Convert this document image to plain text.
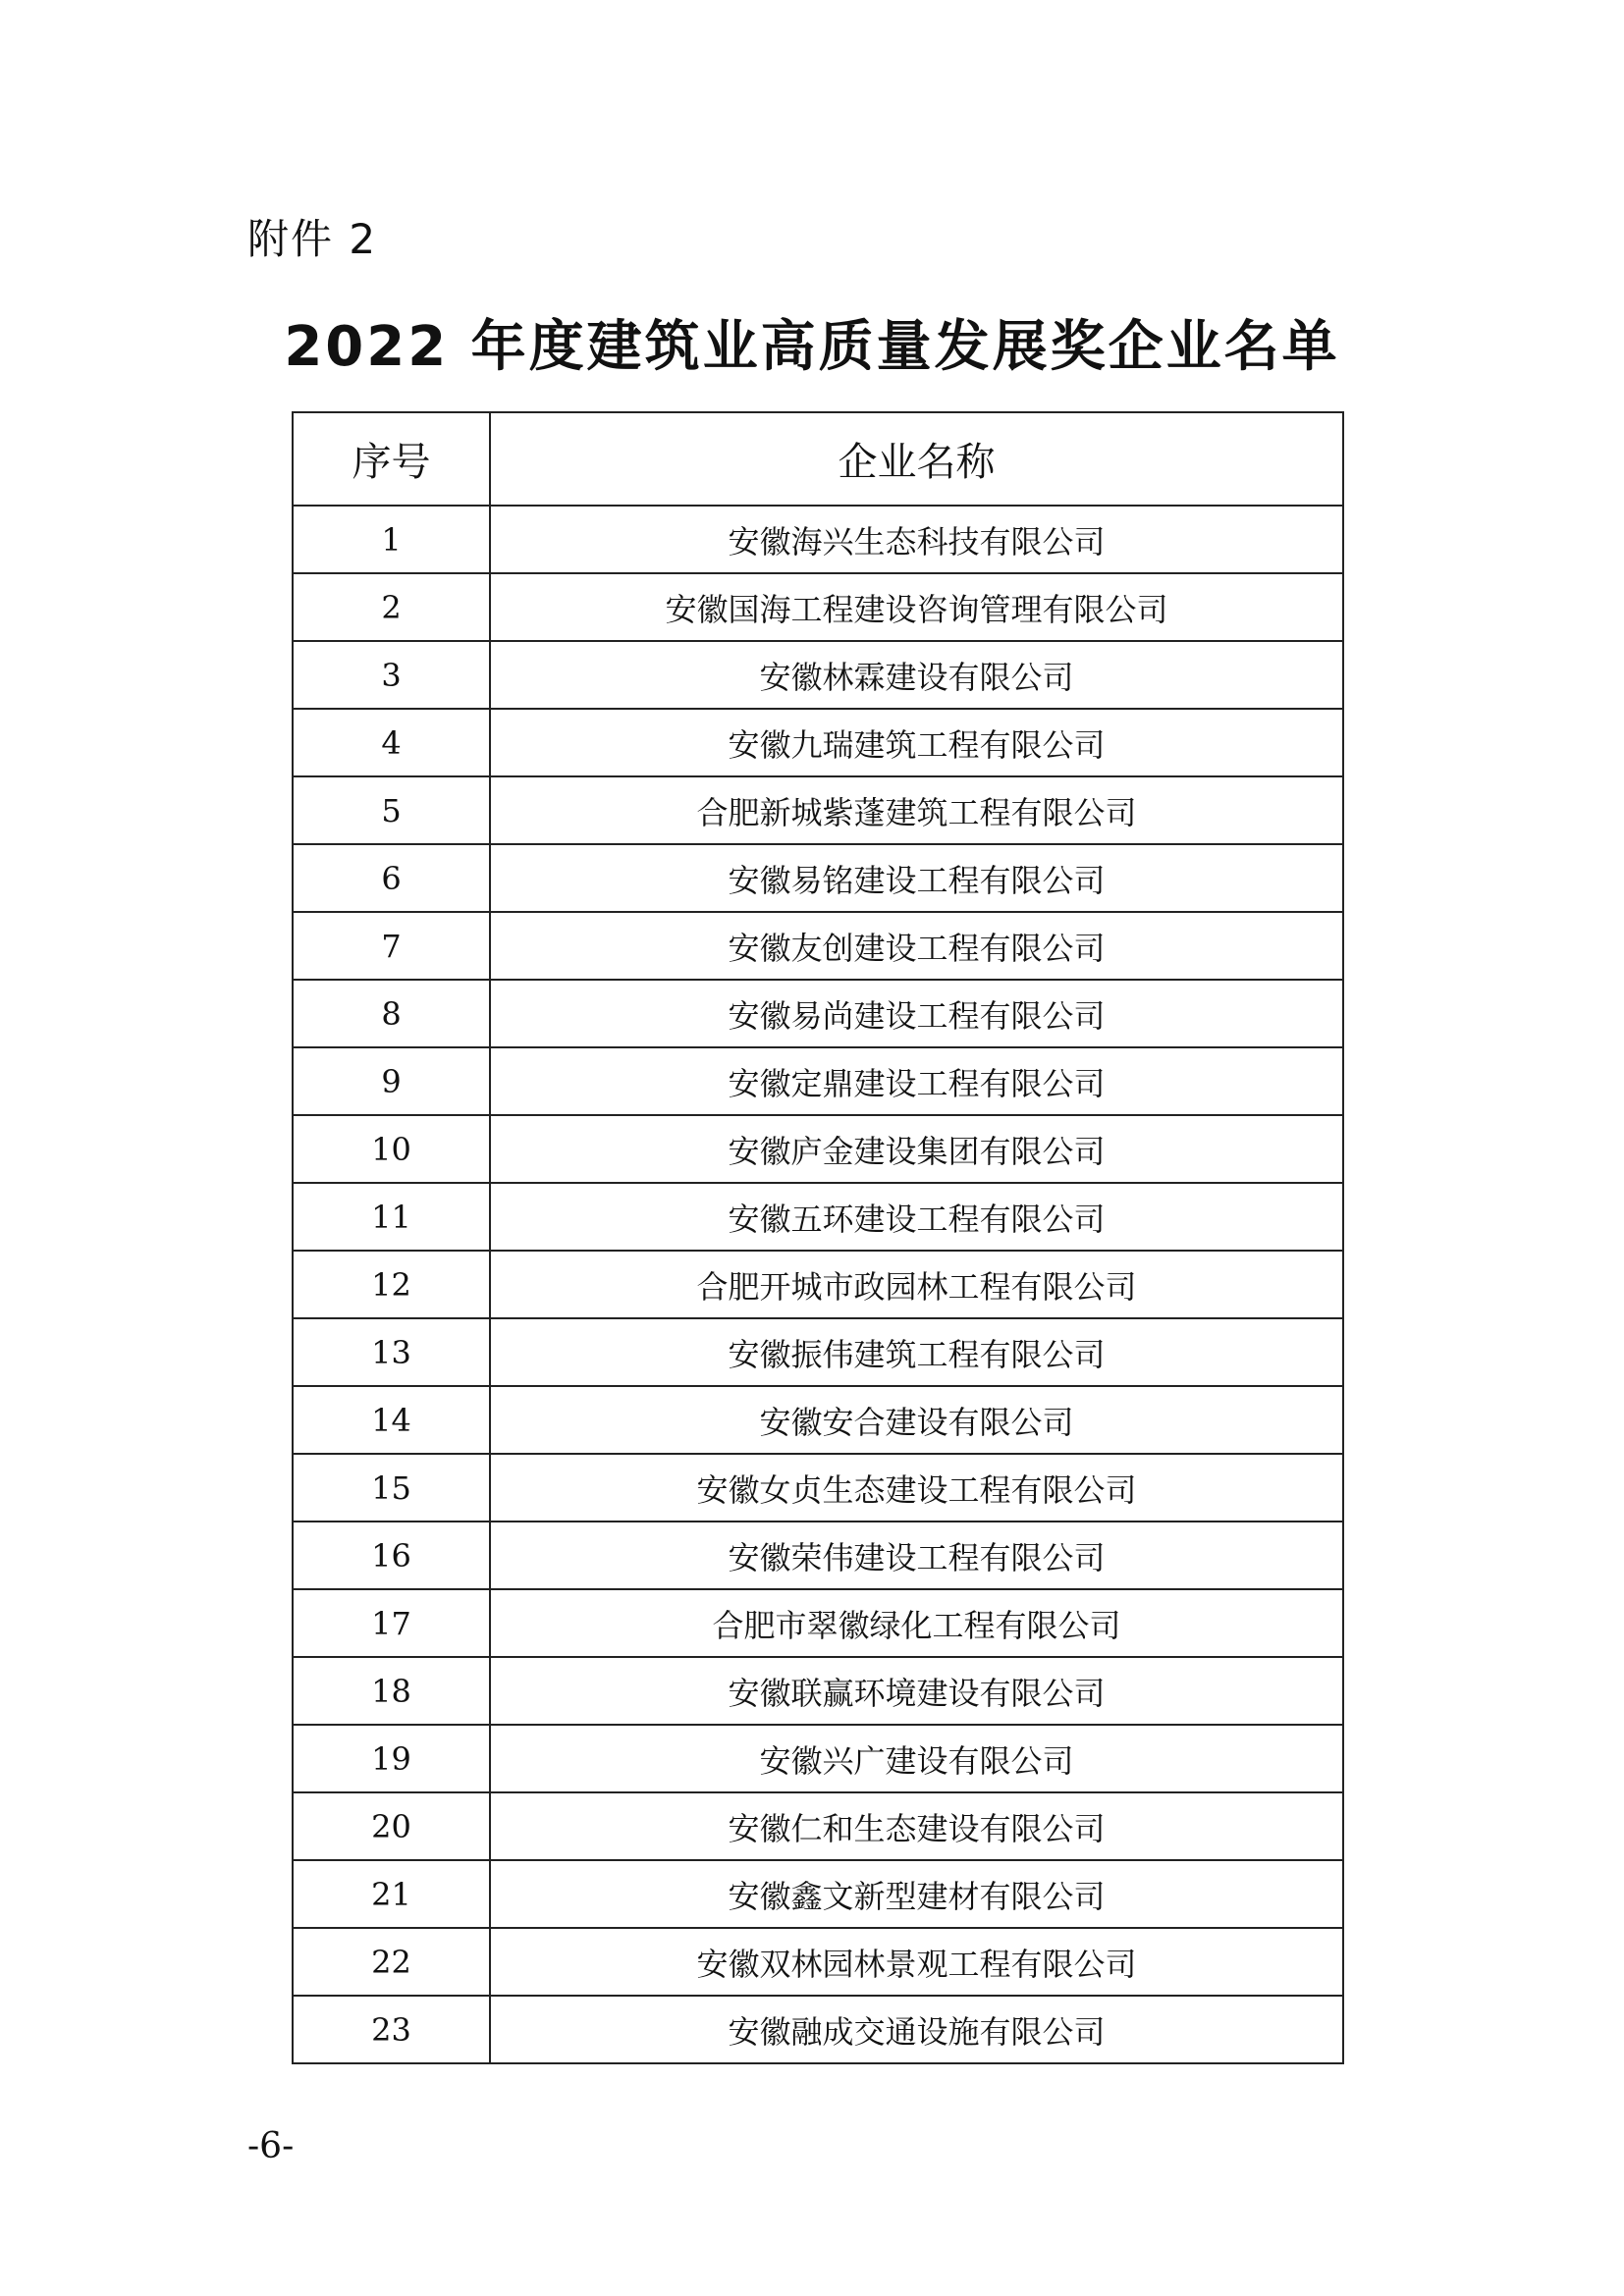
附件 2
2022 年度建筑业高质量发展奖企业名单
序号	企业名称
1	安徽海兴生态科技有限公司
2	安徽国海工程建设咨询管理有限公司
3	安徽林霖建设有限公司
4	安徽九瑞建筑工程有限公司
5	合肥新城紫蓬建筑工程有限公司
6	安徽易铭建设工程有限公司
7	安徽友创建设工程有限公司
8	安徽易尚建设工程有限公司
9	安徽定鼎建设工程有限公司
10	安徽庐金建设集团有限公司
11	安徽五环建设工程有限公司
12	合肥开城市政园林工程有限公司
13	安徽振伟建筑工程有限公司
14	安徽安合建设有限公司
15	安徽女贞生态建设工程有限公司
16	安徽荣伟建设工程有限公司
17	合肥市翠徽绿化工程有限公司
18	安徽联赢环境建设有限公司
19	安徽兴广建设有限公司
20	安徽仁和生态建设有限公司
21	安徽鑫文新型建材有限公司
22	安徽双林园林景观工程有限公司
23	安徽融成交通设施有限公司
-6-
